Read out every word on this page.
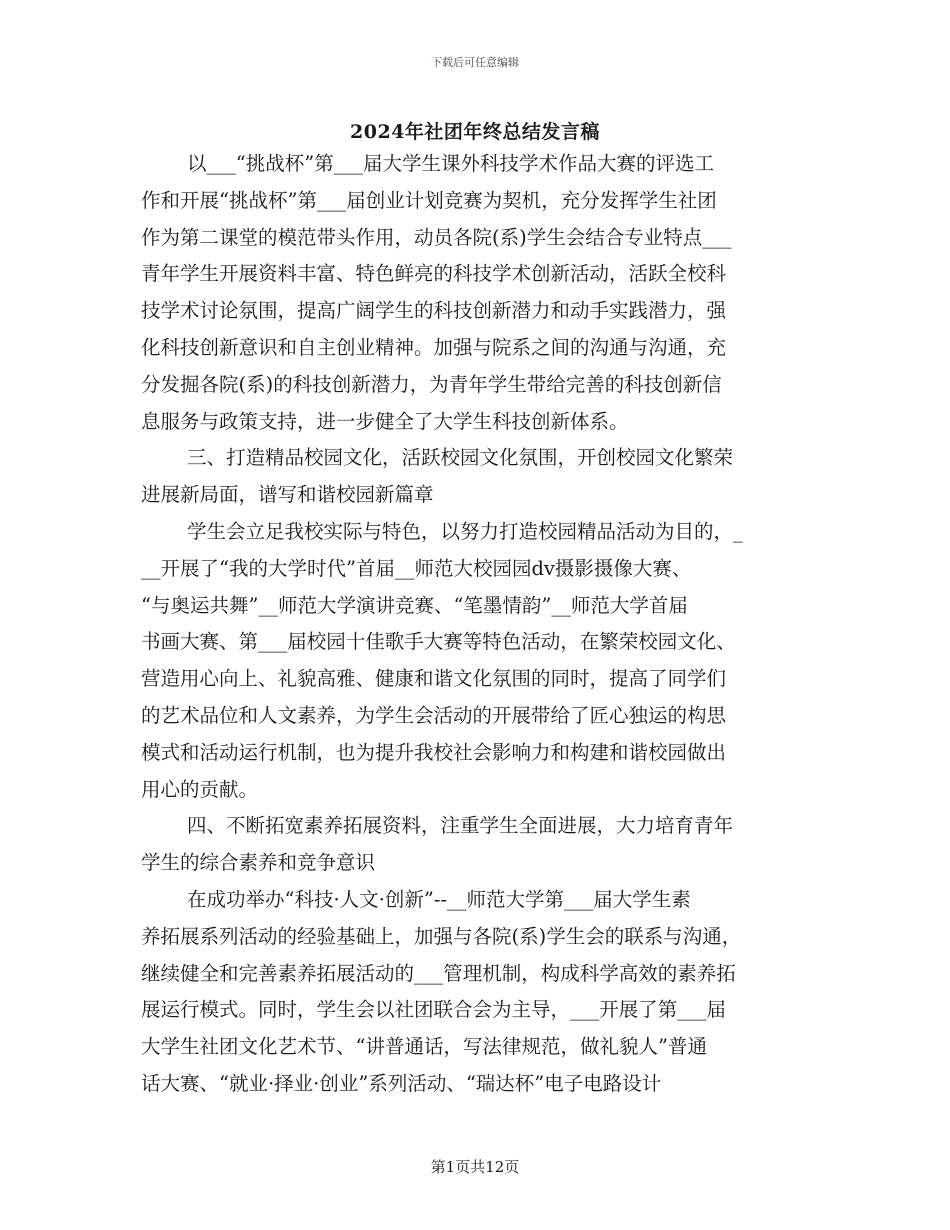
下载后可任意编辑
2024年社团年终总结发言稿
以___“挑战杯”第___届大学生课外科技学术作品大赛的评选工
作和开展“挑战杯”第___届创业计划竞赛为契机，充分发挥学生社团
作为第二课堂的模范带头作用，动员各院(系)学生会结合专业特点___
青年学生开展资料丰富、特色鲜亮的科技学术创新活动，活跃全校科
技学术讨论氛围，提高广阔学生的科技创新潜力和动手实践潜力，强
化科技创新意识和自主创业精神。加强与院系之间的沟通与沟通，充
分发掘各院(系)的科技创新潜力，为青年学生带给完善的科技创新信
息服务与政策支持，进一步健全了大学生科技创新体系。
三、打造精品校园文化，活跃校园文化氛围，开创校园文化繁荣
进展新局面，谱写和谐校园新篇章
学生会立足我校实际与特色，以努力打造校园精品活动为目的，_
__开展了“我的大学时代”首届__师范大校园园dv摄影摄像大赛、
“与奥运共舞”__师范大学演讲竞赛、“笔墨情韵”__师范大学首届
书画大赛、第___届校园十佳歌手大赛等特色活动，在繁荣校园文化、
营造用心向上、礼貌高雅、健康和谐文化氛围的同时，提高了同学们
的艺术品位和人文素养，为学生会活动的开展带给了匠心独运的构思
模式和活动运行机制，也为提升我校社会影响力和构建和谐校园做出
用心的贡献。
四、不断拓宽素养拓展资料，注重学生全面进展，大力培育青年
学生的综合素养和竞争意识
在成功举办“科技·人文·创新”--__师范大学第___届大学生素
养拓展系列活动的经验基础上，加强与各院(系)学生会的联系与沟通，
继续健全和完善素养拓展活动的___管理机制，构成科学高效的素养拓
展运行模式。同时，学生会以社团联合会为主导，___开展了第___届
大学生社团文化艺术节、“讲普通话，写法律规范，做礼貌人”普通
话大赛、“就业·择业·创业”系列活动、“瑞达杯”电子电路设计
第1页共12页
